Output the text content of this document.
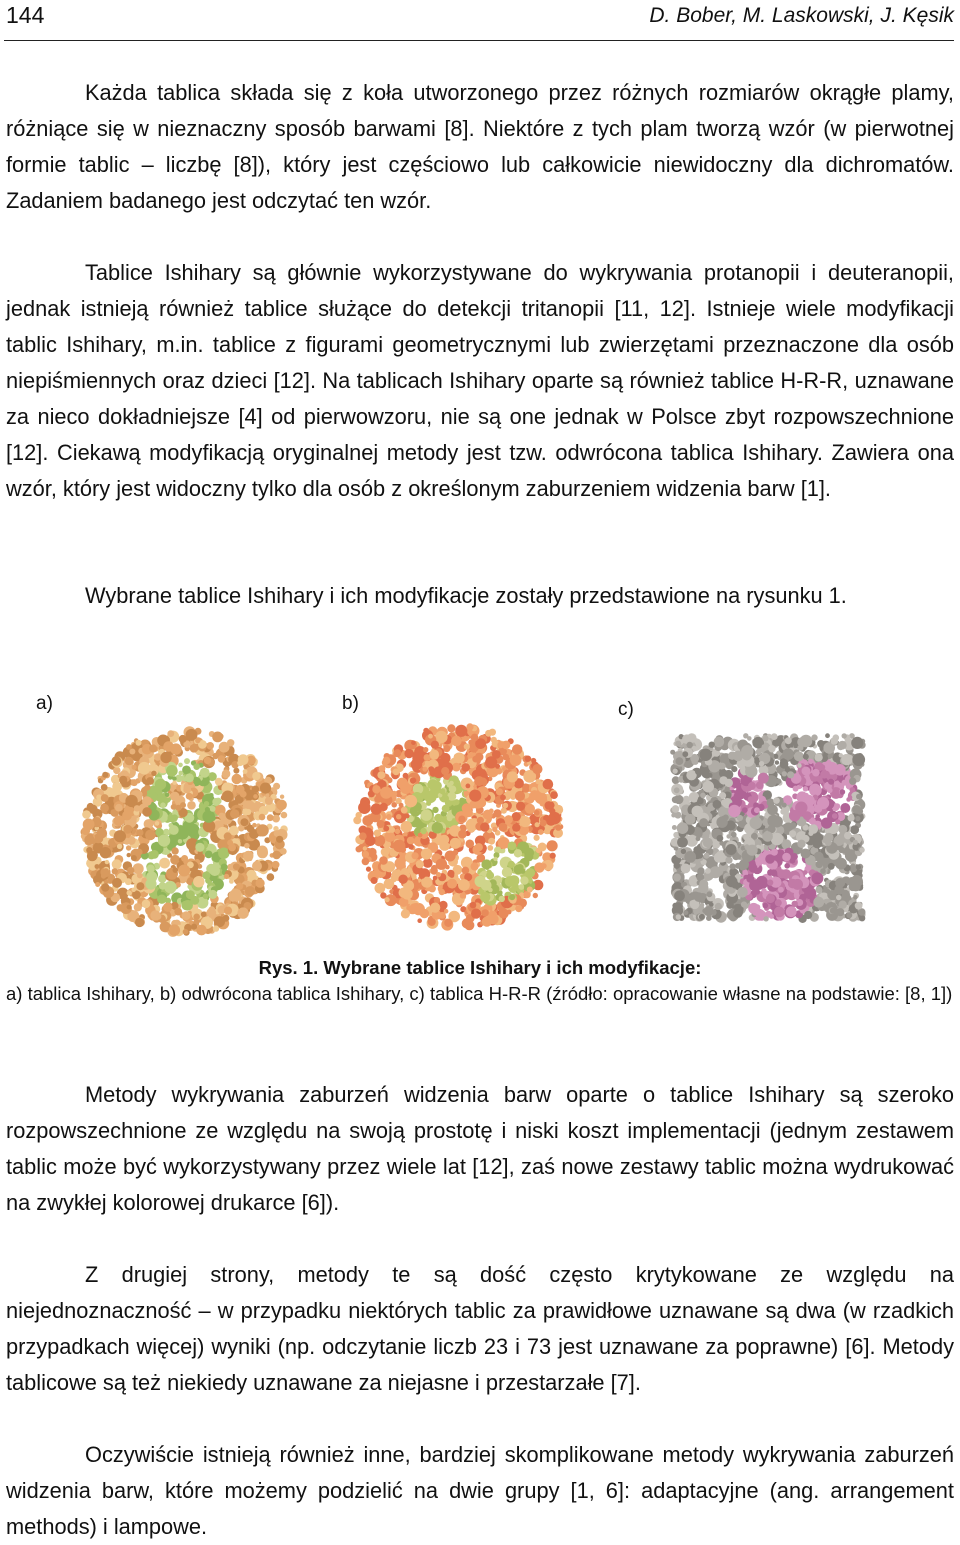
144	D. Bober, M. Laskowski, J. Kęsik

Każda tablica składa się z koła utworzonego przez różnych rozmiarów okrągłe plamy, różniące się w nieznaczny sposób barwami [8]. Niektóre z tych plam tworzą wzór (w pierwotnej formie tablic – liczbę [8]), który jest częściowo lub całkowicie niewidoczny dla dichromatów. Zadaniem badanego jest odczytać ten wzór.

Tablice Ishihary są głównie wykorzystywane do wykrywania protanopii i deuteranopii, jednak istnieją również tablice służące do detekcji tritanopii [11, 12]. Istnieje wiele modyfikacji tablic Ishihary, m.in. tablice z figurami geometrycznymi lub zwierzętami przeznaczone dla osób niepiśmiennych oraz dzieci [12]. Na tablicach Ishihary oparte są również tablice H-R-R, uznawane za nieco dokładniejsze [4] od pierwowzoru, nie są one jednak w Polsce zbyt rozpowszechnione [12]. Ciekawą modyfikacją oryginalnej metody jest tzw. odwrócona tablica Ishihary. Zawiera ona wzór, który jest widoczny tylko dla osób z określonym zaburzeniem widzenia barw [1].

Wybrane tablice Ishihary i ich modyfikacje zostały przedstawione na rysunku 1.

a)	b)	c)

Rys. 1. Wybrane tablice Ishihary i ich modyfikacje:
a) tablica Ishihary, b) odwrócona tablica Ishihary, c) tablica H-R-R (źródło: opracowanie własne na podstawie: [8, 1])

Metody wykrywania zaburzeń widzenia barw oparte o tablice Ishihary są szeroko rozpowszechnione ze względu na swoją prostotę i niski koszt implementacji (jednym zestawem tablic może być wykorzystywany przez wiele lat [12], zaś nowe zestawy tablic można wydrukować na zwykłej kolorowej drukarce [6]).

Z drugiej strony, metody te są dość często krytykowane ze względu na niejednoznaczność – w przypadku niektórych tablic za prawidłowe uznawane są dwa (w rzadkich przypadkach więcej) wyniki (np. odczytanie liczb 23 i 73 jest uznawane za poprawne) [6]. Metody tablicowe są też niekiedy uznawane za niejasne i przestarzałe [7].

Oczywiście istnieją również inne, bardziej skomplikowane metody wykrywania zaburzeń widzenia barw, które możemy podzielić na dwie grupy [1, 6]: adaptacyjne (ang. arrangement methods) i lampowe.
